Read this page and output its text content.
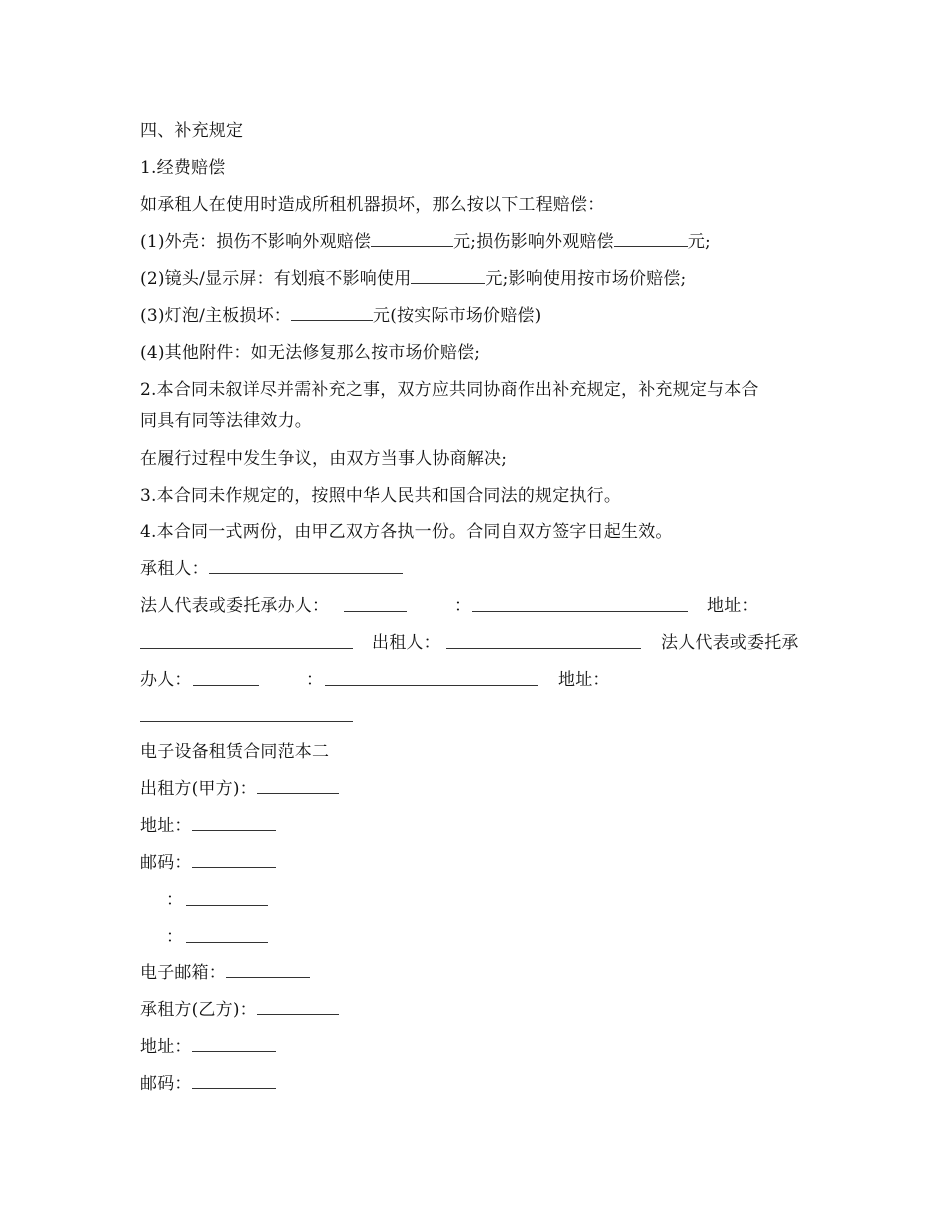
四、补充规定
1.经费赔偿
如承租人在使用时造成所租机器损坏，那么按以下工程赔偿：
(1)外壳：损伤不影响外观赔偿	元;损伤影响外观赔偿	元;
(2)镜头/显示屏：有划痕不影响使用	元;影响使用按市场价赔偿;
(3)灯泡/主板损坏：	元(按实际市场价赔偿)
(4)其他附件：如无法修复那么按市场价赔偿;
2.本合同未叙详尽并需补充之事，双方应共同协商作出补充规定，补充规定与本合
同具有同等法律效力。
在履行过程中发生争议，由双方当事人协商解决;
3.本合同未作规定的，按照中华人民共和国合同法的规定执行。
4.本合同一式两份，由甲乙双方各执一份。合同自双方签字日起生效。
承租人：
法人代表或委托承办人：	：	地址：
出租人：	法人代表或委托承
办人：	：	地址：
电子设备租赁合同范本二
出租方(甲方)：
地址：
邮码：
：
：
电子邮箱：
承租方(乙方)：
地址：
邮码：
